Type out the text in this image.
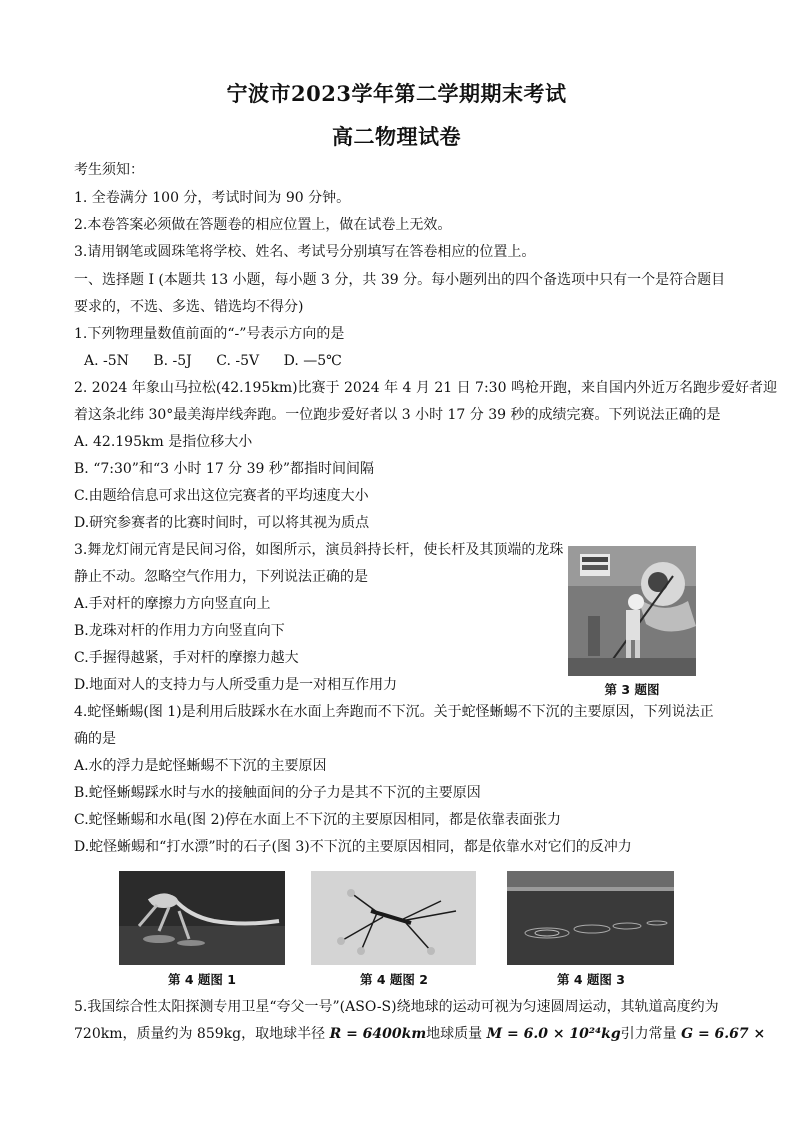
宁波市2023学年第二学期期末考试
高二物理试卷
考生须知：
1. 全卷满分 100 分，考试时间为 90 分钟。
2.本卷答案必须做在答题卷的相应位置上，做在试卷上无效。
3.请用钢笔或圆珠笔将学校、姓名、考试号分别填写在答卷相应的位置上。
一、选择题 I (本题共 13 小题，每小题 3 分，共 39 分。每小题列出的四个备选项中只有一个是符合题目
要求的，不选、多选、错选均不得分)
1.下列物理量数值前面的“-”号表示方向的是
A. -5N B. -5J C. -5V D. —5℃
2. 2024 年象山马拉松(42.195km)比赛于 2024 年 4 月 21 日 7:30 鸣枪开跑，来自国内外近万名跑步爱好者迎
着这条北纬 30°最美海岸线奔跑。一位跑步爱好者以 3 小时 17 分 39 秒的成绩完赛。下列说法正确的是
A. 42.195km 是指位移大小
B. “7:30”和“3 小时 17 分 39 秒”都指时间间隔
C.由题给信息可求出这位完赛者的平均速度大小
D.研究参赛者的比赛时间时，可以将其视为质点
3.舞龙灯闹元宵是民间习俗，如图所示，演员斜持长杆，使长杆及其顶端的龙珠
静止不动。忽略空气作用力，下列说法正确的是
A.手对杆的摩擦力方向竖直向上
B.龙珠对杆的作用力方向竖直向下
C.手握得越紧，手对杆的摩擦力越大
D.地面对人的支持力与人所受重力是一对相互作用力	第 3 题图
4.蛇怪蜥蜴(图 1)是利用后肢踩水在水面上奔跑而不下沉。关于蛇怪蜥蜴不下沉的主要原因，下列说法正
确的是
A.水的浮力是蛇怪蜥蜴不下沉的主要原因
B.蛇怪蜥蜴踩水时与水的接触面间的分子力是其不下沉的主要原因
C.蛇怪蜥蜴和水黾(图 2)停在水面上不下沉的主要原因相同，都是依靠表面张力
D.蛇怪蜥蜴和“打水漂”时的石子(图 3)不下沉的主要原因相同，都是依靠水对它们的反冲力
第 4 题图 1	第 4 题图 2	第 4 题图 3
5.我国综合性太阳探测专用卫星“夸父一号”(ASO-S)绕地球的运动可视为匀速圆周运动，其轨道高度约为
720km，质量约为 859kg，取地球半径 R = 6400km地球质量 M = 6.0 × 10²⁴kg引力常量 G = 6.67 ×
